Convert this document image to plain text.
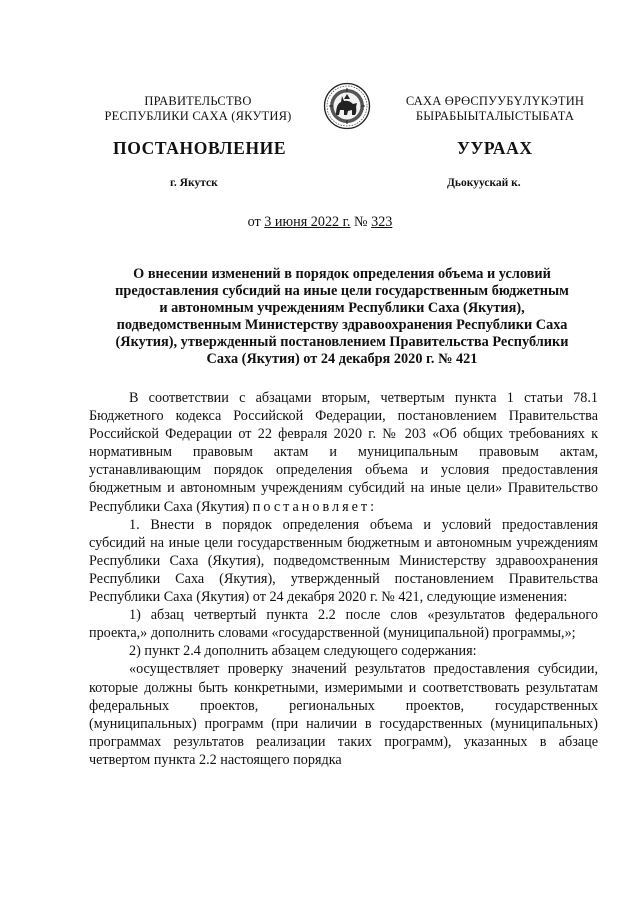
ПРАВИТЕЛЬСТВО
РЕСПУБЛИКИ САХА (ЯКУТИЯ)
САХА ӨРӨСПУУБҮЛҮКЭТИН
БЫРАБЫЫТАЛЫСТЫБАТА
ПОСТАНОВЛЕНИЕ	УУРААХ
г. Якутск	Дьокуускай к.
от 3 июня 2022 г. № 323
О внесении изменений в порядок определения объема и условий
предоставления субсидий на иные цели государственным бюджетным
и автономным учреждениям Республики Саха (Якутия),
подведомственным Министерству здравоохранения Республики Саха
(Якутия), утвержденный постановлением Правительства Республики
Саха (Якутия) от 24 декабря 2020 г. № 421

В соответствии с абзацами вторым, четвертым пункта 1 статьи 78.1 Бюджетного кодекса Российской Федерации, постановлением Правительства Российской Федерации от 22 февраля 2020 г. № 203 «Об общих требованиях к нормативным правовым актам и муниципальным правовым актам, устанавливающим порядок определения объема и условия предоставления бюджетным и автономным учреждениям субсидий на иные цели» Правительство Республики Саха (Якутия) постановляет:

1. Внести в порядок определения объема и условий предоставления субсидий на иные цели государственным бюджетным и автономным учреждениям Республики Саха (Якутия), подведомственным Министерству здравоохранения Республики Саха (Якутия), утвержденный постановлением Правительства Республики Саха (Якутия) от 24 декабря 2020 г. № 421, следующие изменения:

1) абзац четвертый пункта 2.2 после слов «результатов федерального проекта,» дополнить словами «государственной (муниципальной) программы,»;

2) пункт 2.4 дополнить абзацем следующего содержания:

«осуществляет проверку значений результатов предоставления субсидии, которые должны быть конкретными, измеримыми и соответствовать результатам федеральных проектов, региональных проектов, государственных (муниципальных) программ (при наличии в государственных (муниципальных) программах результатов реализации таких программ), указанных в абзаце четвертом пункта 2.2 настоящего порядка
